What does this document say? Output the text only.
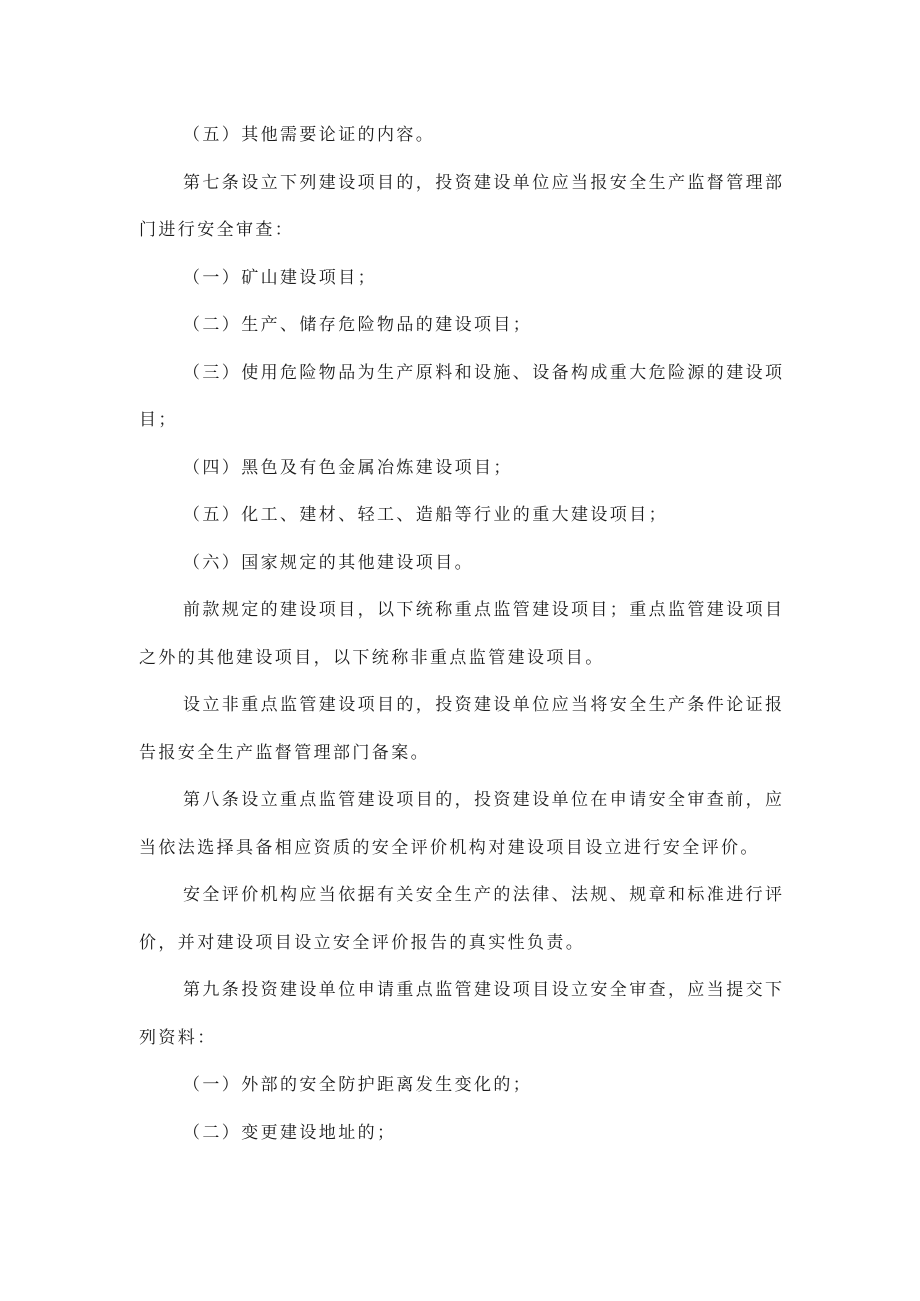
（五）其他需要论证的内容。

第七条设立下列建设项目的，投资建设单位应当报安全生产监督管理部门进行安全审查：

（一）矿山建设项目；

（二）生产、储存危险物品的建设项目；

（三）使用危险物品为生产原料和设施、设备构成重大危险源的建设项目；

（四）黑色及有色金属冶炼建设项目；

（五）化工、建材、轻工、造船等行业的重大建设项目；

（六）国家规定的其他建设项目。

前款规定的建设项目，以下统称重点监管建设项目；重点监管建设项目之外的其他建设项目，以下统称非重点监管建设项目。

设立非重点监管建设项目的，投资建设单位应当将安全生产条件论证报告报安全生产监督管理部门备案。

第八条设立重点监管建设项目的，投资建设单位在申请安全审查前，应当依法选择具备相应资质的安全评价机构对建设项目设立进行安全评价。

安全评价机构应当依据有关安全生产的法律、法规、规章和标准进行评价，并对建设项目设立安全评价报告的真实性负责。

第九条投资建设单位申请重点监管建设项目设立安全审查，应当提交下列资料：

（一）外部的安全防护距离发生变化的；

（二）变更建设地址的；
